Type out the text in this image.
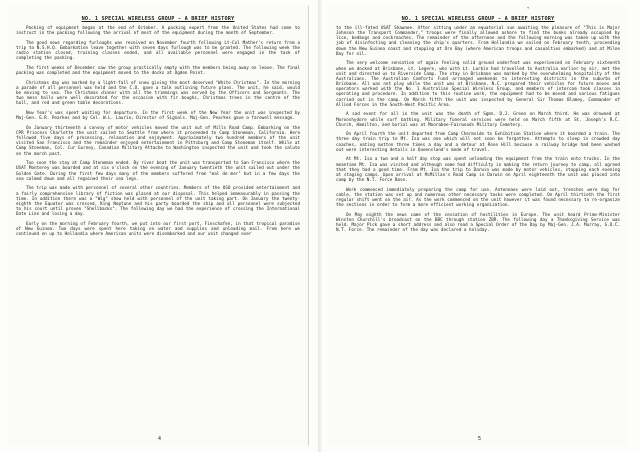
NO. 1 SPECIAL WIRELESS GROUP - A BRIEF HISTORY

Packing of equipment began at the end of October. A packing expert from the United States had come to instruct in the packing following the arrival of most of the equipment during the month of September.

The good news regarding furloughs was received on November fourth following Lt-Col Mather's return from a trip to N.S.H.Q. Embarkation leave together with seven days furlough was to be granted. The following week the radio station closed, training classes ended, and all available personnel were engaged in the task of completing the packing.

The first weeks of December saw the group practically empty with the members being away on leave. The final packing was completed and the equipment moved to the docks at Ogden Point.

Christmas day was marked by a light-fall of snow giving the most deserved "White Christmas". In the morning a parade of all personnel was held and the C.O. gave a talk outlining future plans. The unit, he said, would be moving to sea. The Christmas dinner with all the trimmings was served by the Officers and Sergeants. The two mess halls were well decorated for the occasion with fir boughs, Christmas trees in the centre of the hall, and red and green table decorations.

New Year's was spent waiting for departure. In the first week of the New Year the unit was inspected by Maj-Gen. G.R. Pearkes and by Col. W.L. Laurie, Director of Signals. Maj-Gen. Pearkes gave a farewell message.

On January thirteenth a convoy of motor vehicles moved the unit out of Mills Road Camp. Embarking on the CPR Princess Charlotte the unit sailed to Seattle from where it proceeded to Camp Stoneman, California. Here followed five days of processing, relaxation and enjoyment. Approximately two hundred members of the unit visited San Francisco and the remainder enjoyed entertainment in Pittsburg and Camp Stoneman itself. While at Camp Stoneman, Col. Cur Gurney, Canadian Military Attache to Washington inspected the unit and took the salute on the march past.

Too soon the stay at Camp Stoneman ended. By river boat the unit was transported to San Francisco where the USAT Monterey was boarded and at six o'clock on the evening of January twentieth the unit sailed out under the Golden Gate. During the first few days many of the members suffered from "mal de mer" but in a few days the sea calmed down and all regained their sea legs.

The trip was made with personnel of several other countries. Members of the USO provided entertainment and a fairly comprehensive library of fiction was placed at our disposal. This helped immeasurably in passing the time. In addition there was a "Wig" show held with personnel of the unit taking part. On January the twenty-eighth the Equator was crossed, King Neptune and his party boarded the ship and all personnel were subjected to his court until proven "Shellbacks". The following day we had the experience of crossing the International Date Line and losing a day.

Early on the morning of February fourth, we put into our first port, Finschafen, in that tropical paradise of New Guinea. Two days were spent here taking on water and supplies and unloading mail. From here we continued on up to Hollandia where American units were disembarked and our unit changed over

4
❜
NO. 1 SPECIAL WIRELESS GROUP - A BRIEF HISTORY

to the ill-fated USAT Shawnee. After sitting under an equatorial sun awaiting the pleasure of "This is Major Johnson the Transport Commander," troops were finally allowed ashore to find the bunks already occupied by lice, bedbugs and cockroaches. The remainder of the afternoon and the following morning was taken up with the job of disinfecting and cleaning the ship's quarters. From Hollandia we sailed on February tenth, proceeding down the New Guinea coast and stopping at Oro Bay (where American troops and casualties embarked) and at Milne Bay for oil.

The very welcome sensation of again feeling solid ground underfoot was experienced on February sixteenth when we docked at Brisbane, Lt. Legere, who with Lt. Larkin had travelled to Australia earlier by air, met the unit and directed us to Riverside Camp. The stay in Brisbane was marked by the overwhelming hospitality of the Australians. The Australian Comforts Fund arranged weekends to interesting districts in the suburbs of Brisbane. All was not play while the unit was at Brisbane. N.C. prepared their vehicles for future moves and operators worked with the No. 1 Australian Special Wireless Group, and members of intercom took classes in operating and procedure. In addition to this routine work, the equipment had to be moved and various fatigues carried out in the camp. On March fifth the unit was inspected by General Sir Thomas Blamey, Commander of Allied Forces in the South-West Pacific Area.

A sad event for all in the unit was the death of Sgmn. D.J. Green on March third. He was drowned at Marooshydore while surf bathing. Military funeral services were held on March fifth at St. Joseph's R.C. Church, Hamilton, and burial was at Moorabee-Fairwoods Military Cemetery.

On April fourth the unit departed from Camp Chermside to Exhibition Station where it boarded a train. The three day train trip to Mt. Isa was one which will not soon be forgotten. Attempts to sleep in crowded day coaches, eating mutton three times a day and a detour at Rose Hill because a railway bridge had been washed out were interesting details in Queensland's mode of travel.

At Mt. Isa a two and a half day stop was spent unloading the equipment from the train onto trucks. In the meantime Mt. Isa was visited and although some had difficulty in making the return journey to camp, all agreed that they had a good time. From Mt. Isa the trip to Darwin was made by motor vehicles, stopping each evening at staging camps. Upon arrival at McMillan's Road Camp in Darwin on April eighteenth the unit was placed into camp by the N.T. Force Base.

Work commenced immediately preparing the camp for use. Antennaes were laid out, trenches were dug for cable, the station was set up and numerous other necessary tasks were completed. On April thirtieth the first regular shift went on the air. As the work commenced on the unit however it was found necessary to re-organize the sections in order to form a more efficient working organization.

On May eighth the news came of the cessation of hostilities in Europe. The unit heard Prime-Minister Winston Churchill's broadcast on the BBC through station ZBR. The following day a Thanksgiving Service was held. Major Pick gave a short address and also read a Special Order of the Day by Maj-Gen. J.A. Murray, G.O.C. N.T. Force. The remainder of the day was declared a holiday.

5
